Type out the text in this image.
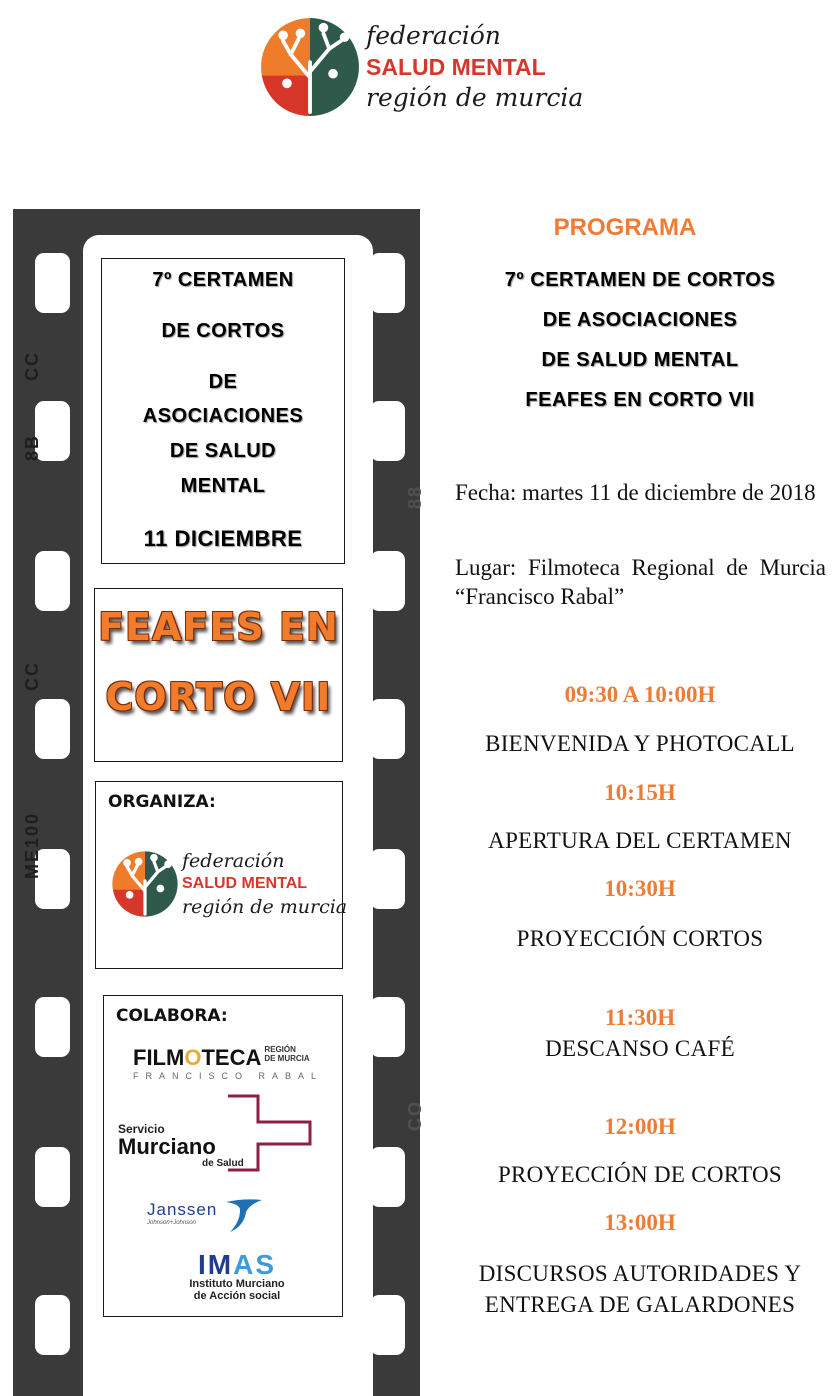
federación
SALUD MENTAL
región de murcia
8B
CC
CC
ME100
88
CO
7º CERTAMEN
DE CORTOS
DE
ASOCIACIONES
DE SALUD
MENTAL
11 DICIEMBRE
FEAFES EN
CORTO VII
ORGANIZA:
federación
SALUD MENTAL
región de murcia
COLABORA:
FILMOTECA REGIÓN
DE MURCIA
FRANCISCO RABAL
Servicio
Murciano
de Salud
Janssen
Johnson+Johnson
IMAS
Instituto Murciano
de Acción social
PROGRAMA
7º CERTAMEN DE CORTOS
DE ASOCIACIONES
DE SALUD MENTAL
FEAFES EN CORTO VII
Fecha: martes 11 de diciembre de 2018
Lugar: Filmoteca Regional de Murcia “Francisco Rabal”
09:30 A 10:00H
BIENVENIDA Y PHOTOCALL
10:15H
APERTURA DEL CERTAMEN
10:30H
PROYECCIÓN CORTOS
11:30H
DESCANSO CAFÉ
12:00H
PROYECCIÓN DE CORTOS
13:00H
DISCURSOS AUTORIDADES Y ENTREGA DE GALARDONES
